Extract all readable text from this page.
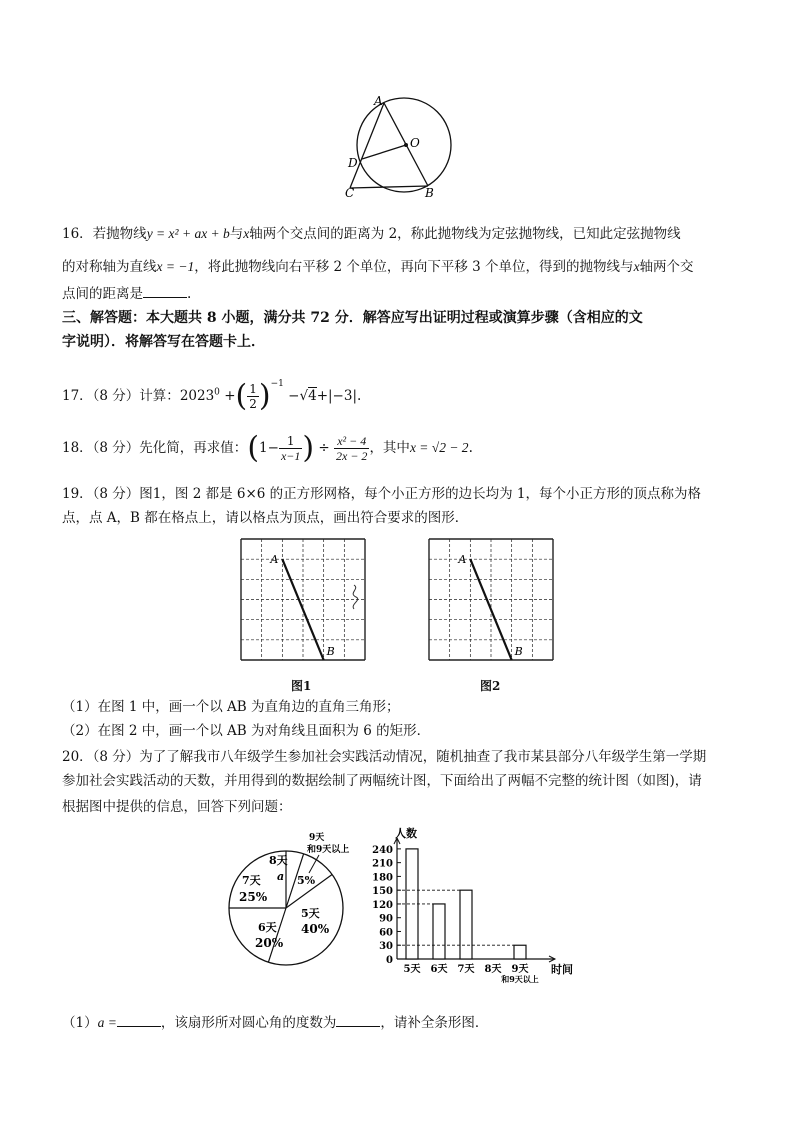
A
O
D
C	B
16．若抛物线y = x² + ax + b与x轴两个交点间的距离为 2，称此抛物线为定弦抛物线，已知此定弦抛物线
的对称轴为直线x = −1，将此抛物线向右平移 2 个单位，再向下平移 3 个单位，得到的抛物线与x轴两个交
点间的距离是	.
三、解答题：本大题共 8 小题，满分共 72 分．解答应写出证明过程或演算步骤（含相应的文
字说明）．将解答写在答题卡上．
17．（8 分）计算：$2023^0$ +( $\frac{1}{2} )^{-1} -√4+|-3|$.
18．（8 分）先化简，再求值：($1- \frac{1}{x-1}$ ) ÷ $\frac{\text{x² − 4}}{2x - 2}$ ，其中x = √2 − 2.
19．（8 分）图1，图 2 都是 6×6 的正方形网格，每个小正方形的边长均为 1，每个小正方形的顶点称为格
点，点 A，B 都在格点上，请以格点为顶点，画出符合要求的图形．
A
B
A
B
图1	图2
（1）在图 1 中，画一个以 AB 为直角边的直角三角形；
（2）在图 2 中，画一个以 AB 为对角线且面积为 6 的矩形．
20．（8 分）为了了解我市八年级学生参加社会实践活动情况，随机抽查了我市某县部分八年级学生第一学期
参加社会实践活动的天数，并用得到的数据绘制了两幅统计图，下面给出了两幅不完整的统计图（如图)，请
根据图中提供的信息，回答下列问题：
5天
40%
6天
20%
7天
25%
8天
a 5%
9天
和9天以上
人数
时间
0
30
60
90
120
150
180
210
240
5天 6天 7天 8天 9天
和9天以上
（1）a =	，该扇形所对圆心角的度数为	，请补全条形图．
